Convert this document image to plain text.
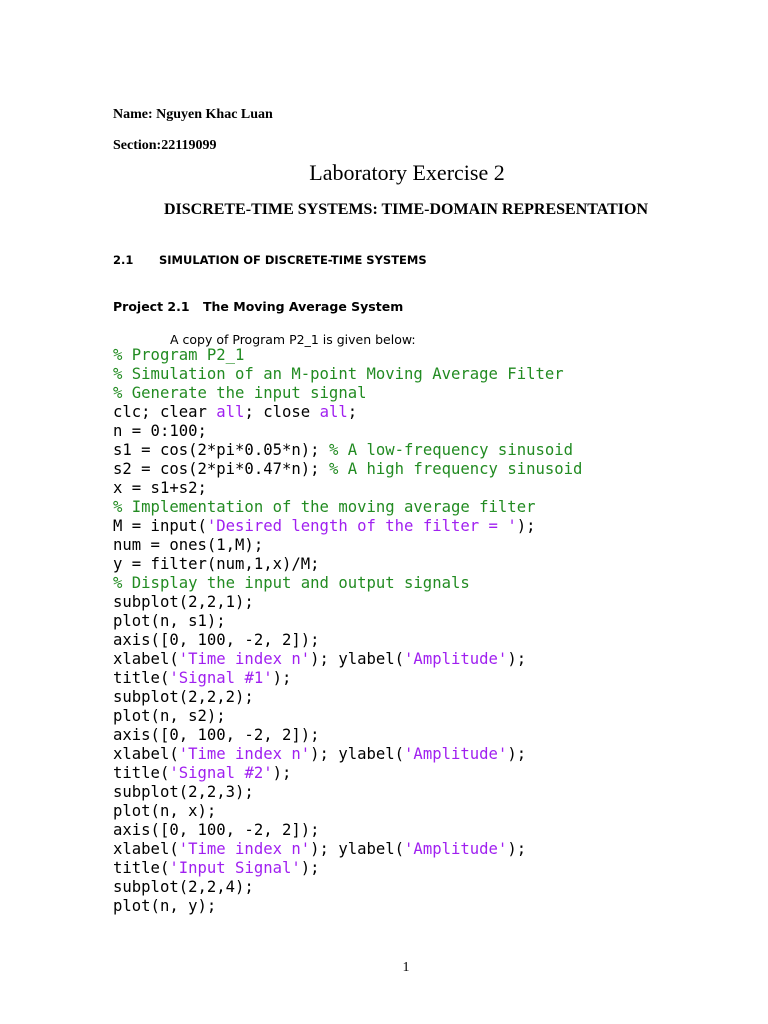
Name: Nguyen Khac Luan
Section:22119099
Laboratory Exercise 2
DISCRETE-TIME SYSTEMS: TIME-DOMAIN REPRESENTATION
2.1 SIMULATION OF DISCRETE-TIME SYSTEMS
Project 2.1 The Moving Average System
A copy of Program P2_1 is given below:
% Program P2_1
% Simulation of an M-point Moving Average Filter
% Generate the input signal
clc; clear all; close all;
n = 0:100;
s1 = cos(2*pi*0.05*n); % A low-frequency sinusoid
s2 = cos(2*pi*0.47*n); % A high frequency sinusoid
x = s1+s2;
% Implementation of the moving average filter
M = input('Desired length of the filter = ');
num = ones(1,M);
y = filter(num,1,x)/M;
% Display the input and output signals
subplot(2,2,1);
plot(n, s1);
axis([0, 100, -2, 2]);
xlabel('Time index n'); ylabel('Amplitude');
title('Signal #1');
subplot(2,2,2);
plot(n, s2);
axis([0, 100, -2, 2]);
xlabel('Time index n'); ylabel('Amplitude');
title('Signal #2');
subplot(2,2,3);
plot(n, x);
axis([0, 100, -2, 2]);
xlabel('Time index n'); ylabel('Amplitude');
title('Input Signal');
subplot(2,2,4);
plot(n, y);
1
